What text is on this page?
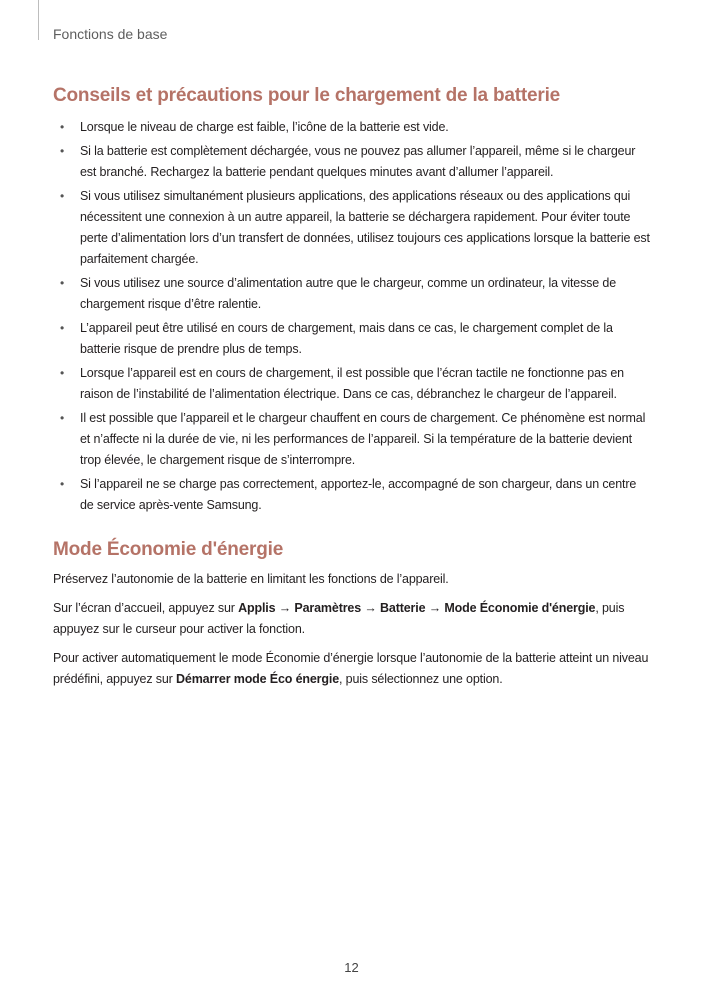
Fonctions de base

Conseils et précautions pour le chargement de la batterie
• Lorsque le niveau de charge est faible, l’icône de la batterie est vide.
• Si la batterie est complètement déchargée, vous ne pouvez pas allumer l’appareil, même si le chargeur est branché. Rechargez la batterie pendant quelques minutes avant d’allumer l’appareil.
• Si vous utilisez simultanément plusieurs applications, des applications réseaux ou des applications qui nécessitent une connexion à un autre appareil, la batterie se déchargera rapidement. Pour éviter toute perte d’alimentation lors d’un transfert de données, utilisez toujours ces applications lorsque la batterie est parfaitement chargée.
• Si vous utilisez une source d’alimentation autre que le chargeur, comme un ordinateur, la vitesse de chargement risque d’être ralentie.
• L’appareil peut être utilisé en cours de chargement, mais dans ce cas, le chargement complet de la batterie risque de prendre plus de temps.
• Lorsque l’appareil est en cours de chargement, il est possible que l’écran tactile ne fonctionne pas en raison de l’instabilité de l’alimentation électrique. Dans ce cas, débranchez le chargeur de l’appareil.
• Il est possible que l’appareil et le chargeur chauffent en cours de chargement. Ce phénomène est normal et n’affecte ni la durée de vie, ni les performances de l’appareil. Si la température de la batterie devient trop élevée, le chargement risque de s’interrompre.
• Si l’appareil ne se charge pas correctement, apportez-le, accompagné de son chargeur, dans un centre de service après-vente Samsung.
Mode Économie d'énergie

Préservez l’autonomie de la batterie en limitant les fonctions de l’appareil.

Sur l’écran d’accueil, appuyez sur Applis → Paramètres → Batterie → Mode Économie d'énergie, puis appuyez sur le curseur pour activer la fonction.

Pour activer automatiquement le mode Économie d’énergie lorsque l’autonomie de la batterie atteint un niveau prédéfini, appuyez sur Démarrer mode Éco énergie, puis sélectionnez une option.

12
